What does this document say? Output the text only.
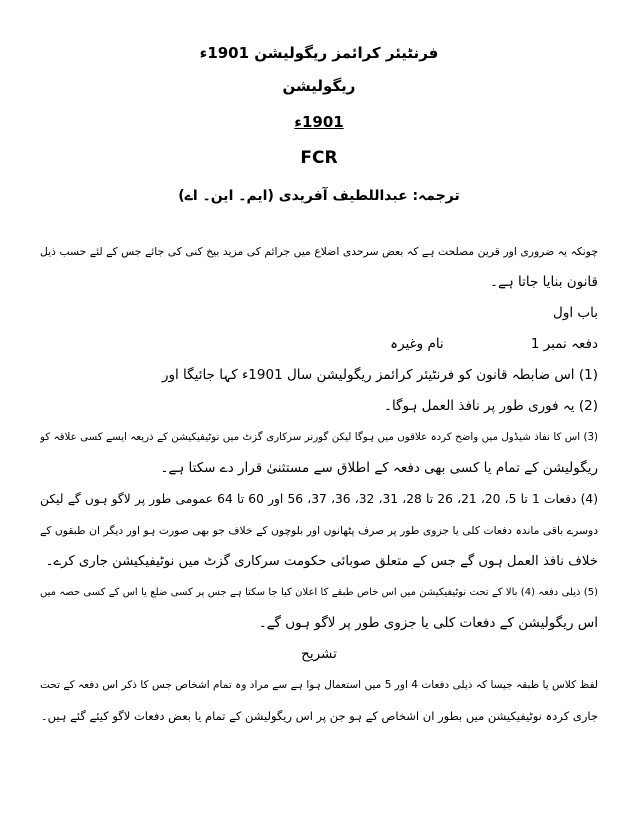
فرنٹیئر کرائمز ریگولیشن 1901ء
ریگولیشن
1901ء
FCR
ترجمہ: عبداللطیف آفریدی (ایم۔ این۔ اے)
چونکہ یہ ضروری اور قرین مصلحت ہے کہ بعض سرحدی اضلاع میں جرائم کی مزید بیخ کنی کی جائے جس کے لئے حسب ذیل
قانون بنایا جاتا ہے۔
باب اول
دفعہ نمبر 1 نام وغیرہ
(1) اس ضابطہ قانون کو فرنٹیئر کرائمز ریگولیشن سال 1901ء کہا جائیگا اور
(2) یہ فوری طور پر نافذ العمل ہوگا۔
(3) اس کا نفاذ شیڈول میں واضح کردہ علاقوں میں ہوگا لیکن گورنر سرکاری گزٹ میں نوٹیفیکیشن کے ذریعہ ایسے کسی علاقہ کو
ریگولیشن کے تمام یا کسی بھی دفعہ کے اطلاق سے مستثنیٰ قرار دے سکتا ہے۔
(4) دفعات 1 تا 5، 20، 21، 26 تا 28، 31، 32، 36، 37، 56 اور 60 تا 64 عمومی طور پر لاگو ہوں گے لیکن
دوسرے باقی ماندہ دفعات کلی یا جزوی طور پر صرف پٹھانوں اور بلوچوں کے خلاف جو بھی صورت ہو اور دیگر ان طبقوں کے
خلاف نافذ العمل ہوں گے جس کے متعلق صوبائی حکومت سرکاری گزٹ میں نوٹیفیکیشن جاری کرے۔
(5) ذیلی دفعہ (4) بالا کے تحت نوٹیفیکیشن میں اس خاص طبقے کا اعلان کیا جا سکتا ہے جس پر کسی ضلع یا اس کے کسی حصہ میں
اس ریگولیشن کے دفعات کلی یا جزوی طور پر لاگو ہوں گے۔
تشریح
لفظ کلاس یا طبقہ جیسا کہ ذیلی دفعات 4 اور 5 میں استعمال ہوا ہے سے مراد وہ تمام اشخاص جس کا ذکر اس دفعہ کے تحت
جاری کردہ نوٹیفیکیشن میں بطور ان اشخاص کے ہو جن پر اس ریگولیشن کے تمام یا بعض دفعات لاگو کیئے گئے ہیں۔
